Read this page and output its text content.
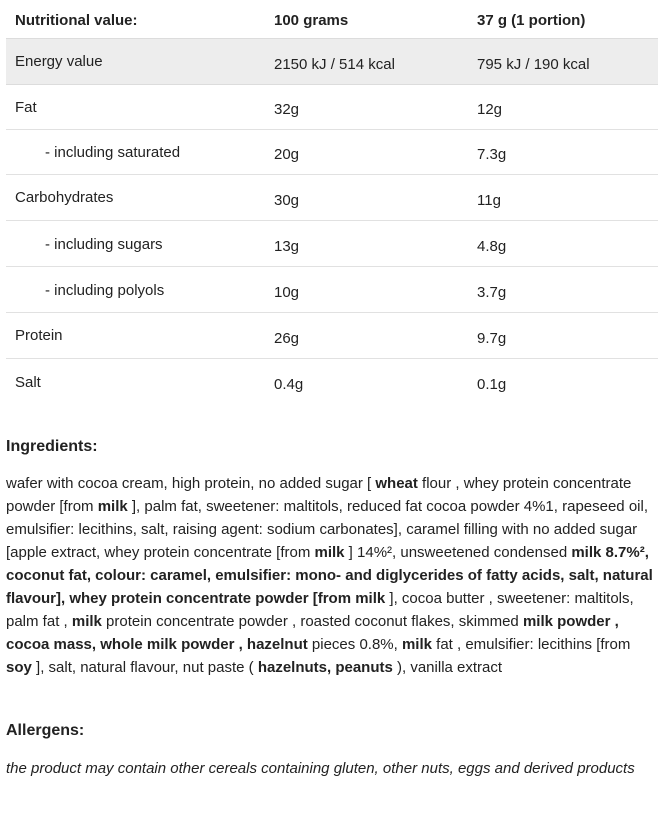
Nutritional value:	100 grams	37 g (1 portion)
Energy value	2150 kJ / 514 kcal	795 kJ / 190 kcal
Fat	32g	12g
- including saturated	20g	7.3g
Carbohydrates	30g	11g
- including sugars	13g	4.8g
- including polyols	10g	3.7g
Protein	26g	9.7g
Salt	0.4g	0.1g
Ingredients:
wafer with cocoa cream, high protein, no added sugar [ wheat flour , whey protein concentrate powder [from milk ], palm fat, sweetener: maltitols, reduced fat cocoa powder 4%1, rapeseed oil, emulsifier: lecithins, salt, raising agent: sodium carbonates], caramel filling with no added sugar [apple extract, whey protein concentrate [from milk ] 14%², unsweetened condensed milk 8.7%², coconut fat, colour: caramel, emulsifier: mono- and diglycerides of fatty acids, salt, natural flavour], whey protein concentrate powder [from milk ], cocoa butter , sweetener: maltitols, palm fat , milk protein concentrate powder , roasted coconut flakes, skimmed milk powder , cocoa mass, whole milk powder , hazelnut pieces 0.8%, milk fat , emulsifier: lecithins [from soy ], salt, natural flavour, nut paste ( hazelnuts, peanuts ), vanilla extract
Allergens:
the product may contain other cereals containing gluten, other nuts, eggs and derived products
